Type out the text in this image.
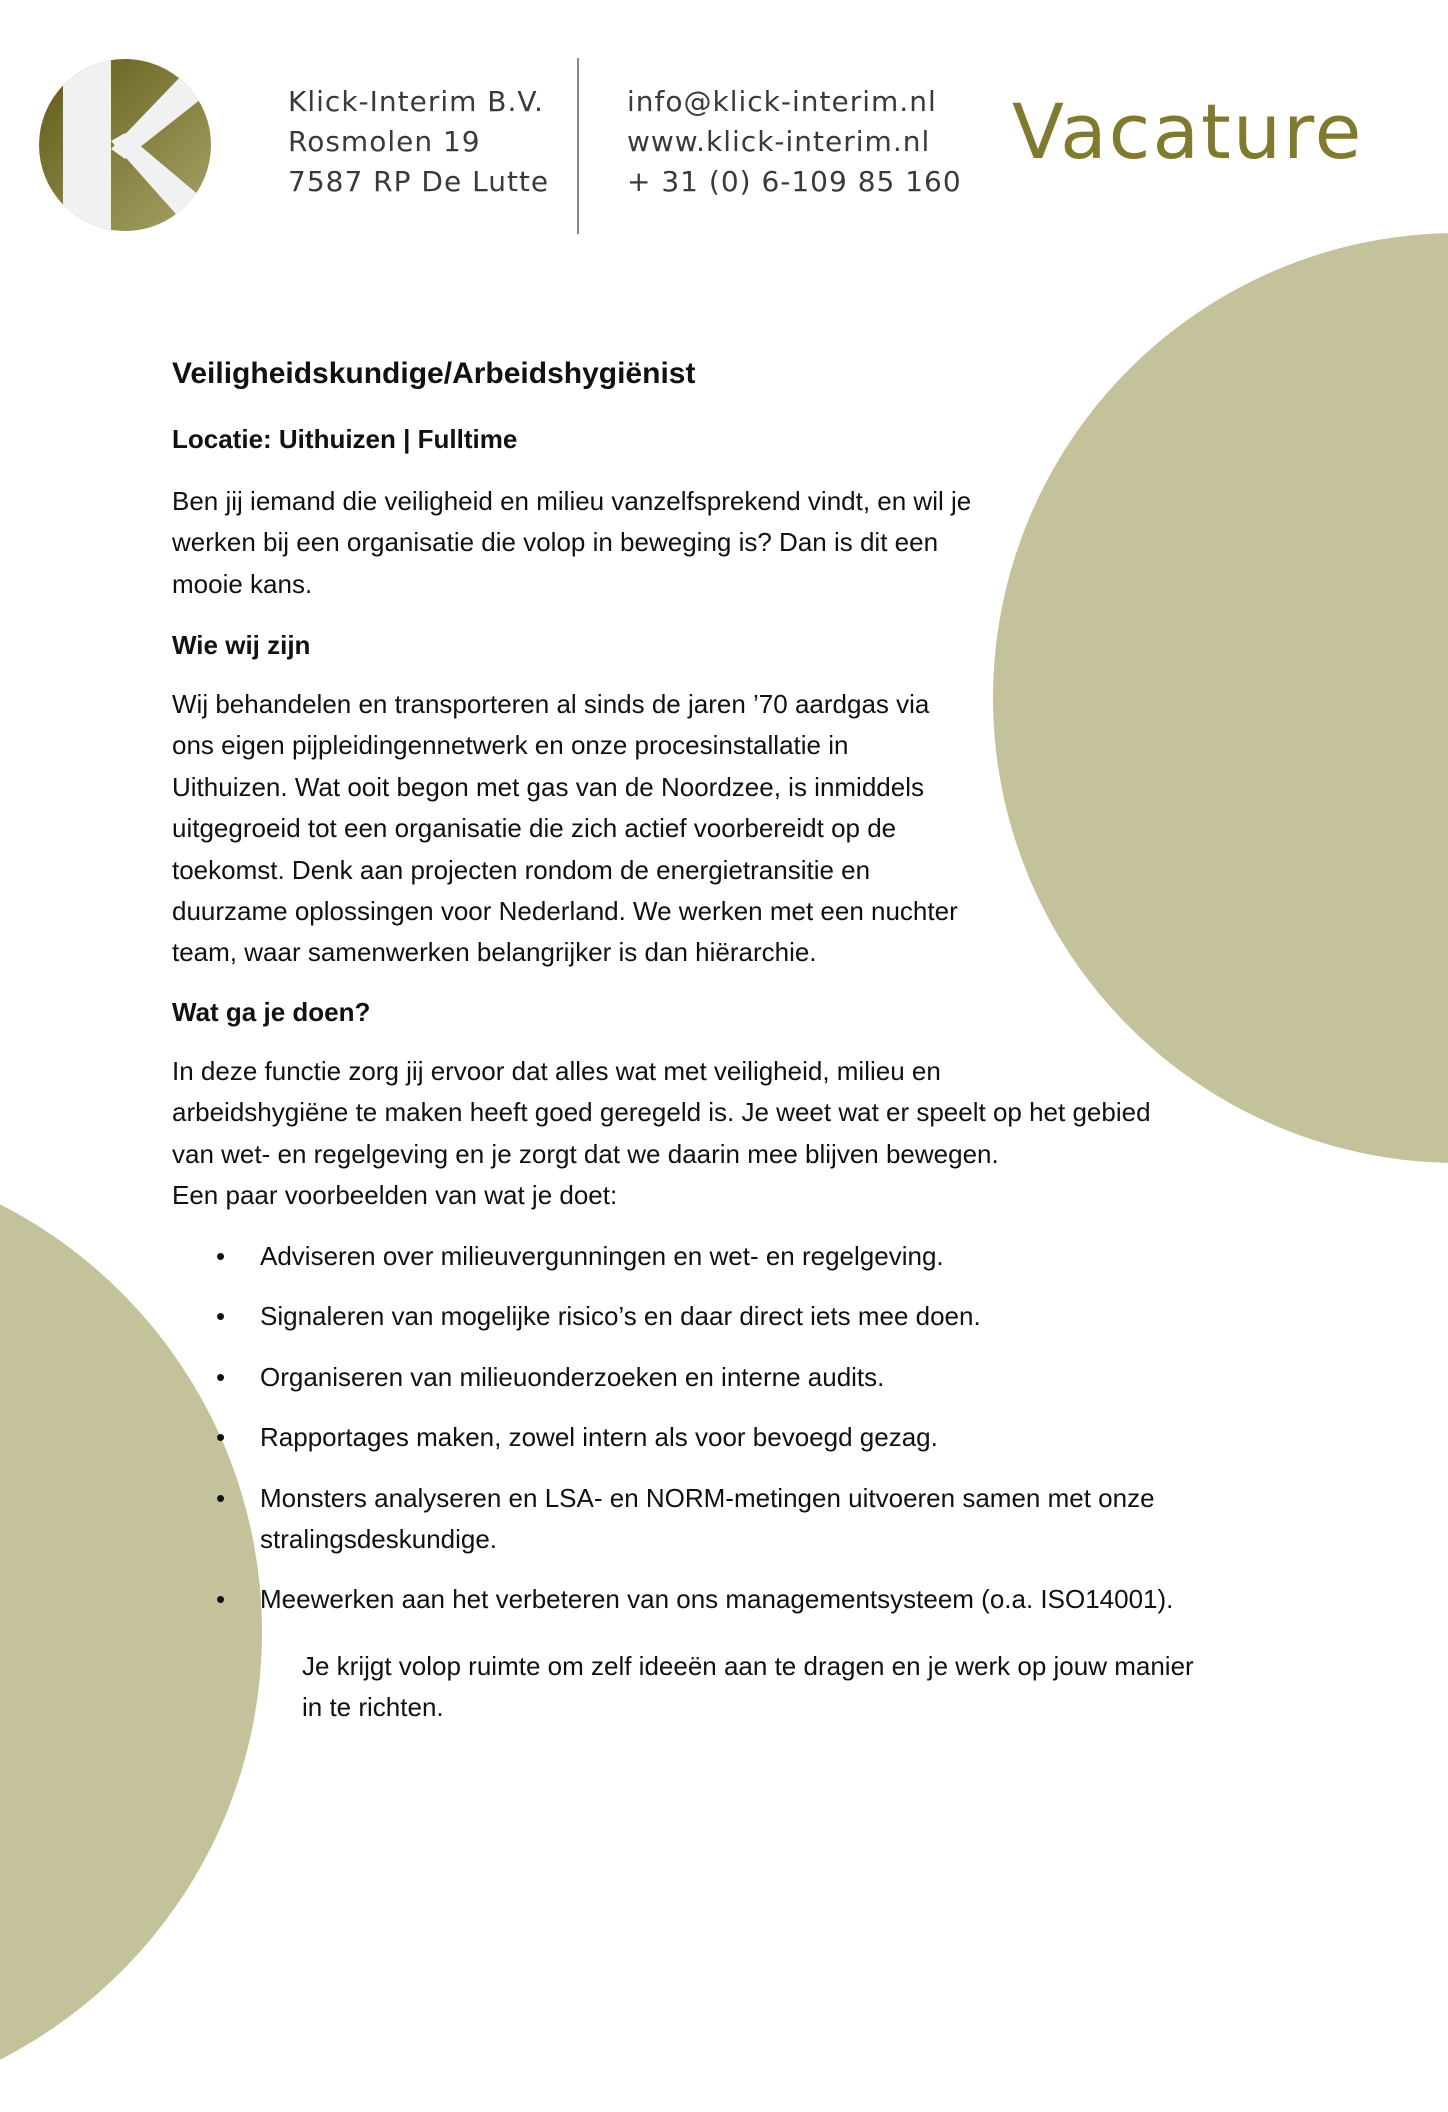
Klick-Interim B.V.
Rosmolen 19
7587 RP De Lutte
info@klick-interim.nl
www.klick-interim.nl
+ 31 (0) 6-109 85 160
Vacature
Veiligheidskundige/Arbeidshygiënist

Locatie: Uithuizen | Fulltime

Ben jij iemand die veiligheid en milieu vanzelfsprekend vindt, en wil je
werken bij een organisatie die volop in beweging is? Dan is dit een
mooie kans.

Wie wij zijn

Wij behandelen en transporteren al sinds de jaren ’70 aardgas via
ons eigen pijpleidingennetwerk en onze procesinstallatie in
Uithuizen. Wat ooit begon met gas van de Noordzee, is inmiddels
uitgegroeid tot een organisatie die zich actief voorbereidt op de
toekomst. Denk aan projecten rondom de energietransitie en
duurzame oplossingen voor Nederland. We werken met een nuchter
team, waar samenwerken belangrijker is dan hiërarchie.

Wat ga je doen?

In deze functie zorg jij ervoor dat alles wat met veiligheid, milieu en
arbeidshygiëne te maken heeft goed geregeld is. Je weet wat er speelt op het gebied
van wet- en regelgeving en je zorgt dat we daarin mee blijven bewegen.
Een paar voorbeelden van wat je doet:

• Adviseren over milieuvergunningen en wet- en regelgeving.
• Signaleren van mogelijke risico’s en daar direct iets mee doen.
• Organiseren van milieuonderzoeken en interne audits.
• Rapportages maken, zowel intern als voor bevoegd gezag.
• Monsters analyseren en LSA- en NORM-metingen uitvoeren samen met onze
stralingsdeskundige.
• Meewerken aan het verbeteren van ons managementsysteem (o.a. ISO14001).

Je krijgt volop ruimte om zelf ideeën aan te dragen en je werk op jouw manier
in te richten.
